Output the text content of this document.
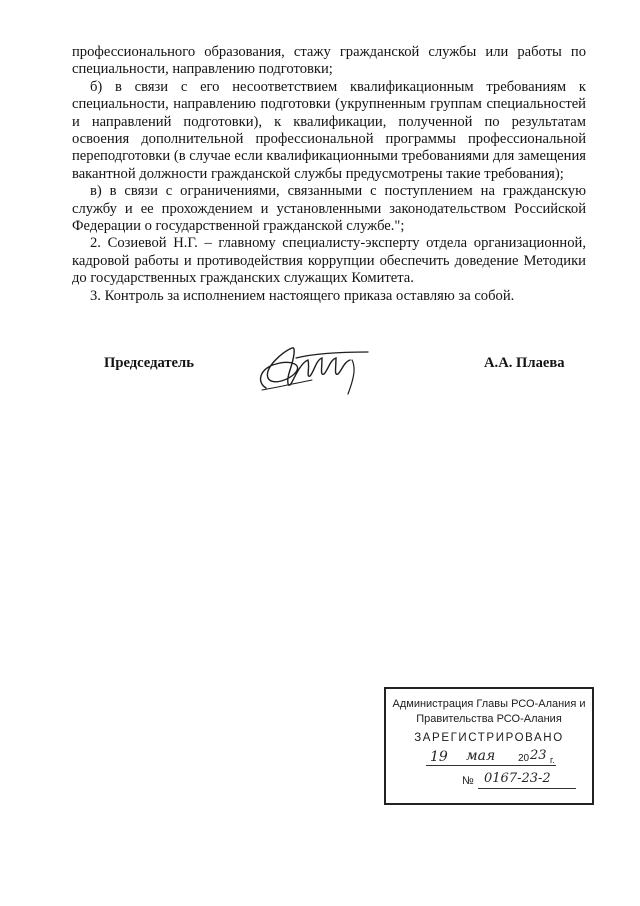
профессионального образования, стажу гражданской службы или работы по специальности, направлению подготовки;

б) в связи с его несоответствием квалификационным требованиям к специальности, направлению подготовки (укрупненным группам специальностей и направлений подготовки), к квалификации, полученной по результатам освоения дополнительной профессиональной программы профессиональной переподготовки (в случае если квалификационными требованиями для замещения вакантной должности гражданской службы предусмотрены такие требования);

в) в связи с ограничениями, связанными с поступлением на гражданскую службу и ее прохождением и установленными законодательством Российской Федерации о государственной гражданской службе.";

2. Созиевой Н.Г. – главному специалисту-эксперту отдела организационной, кадровой работы и противодействия коррупции обеспечить доведение Методики до государственных гражданских служащих Комитета.

3. Контроль за исполнением настоящего приказа оставляю за собой.

Председатель	А.А. Плаева
Администрация Главы РСО-Алания и
Правительства РСО-Алания
ЗАРЕГИСТРИРОВАНО
19 мая 20 23 г.
№ 0167-23-2
